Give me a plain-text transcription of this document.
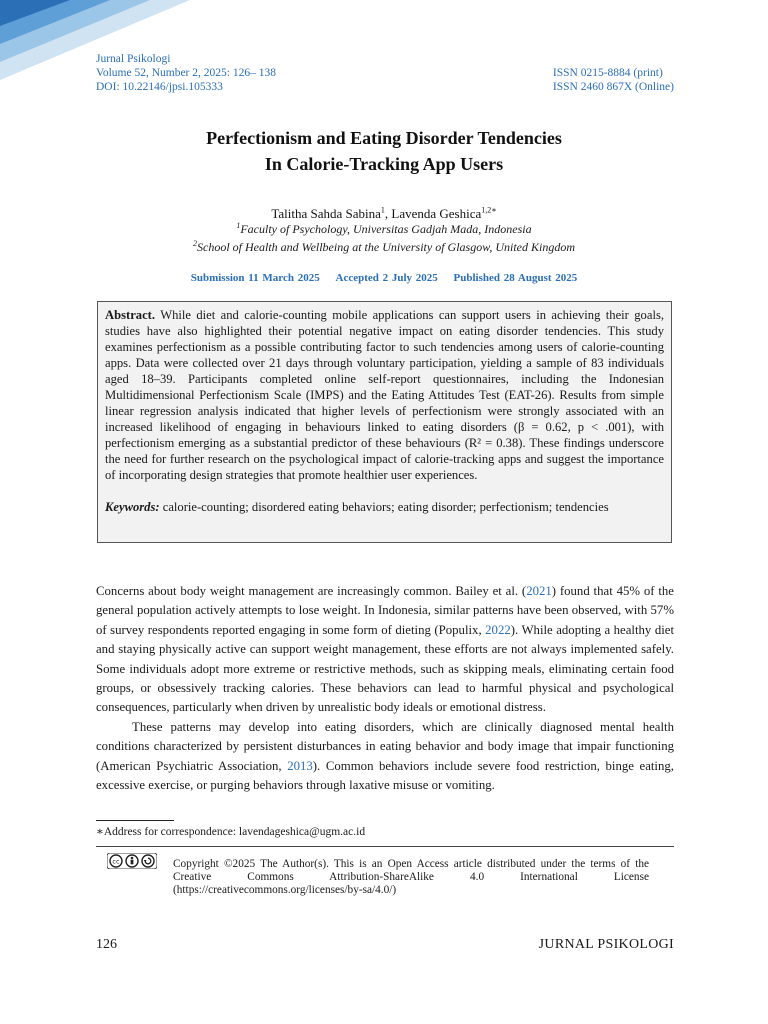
Jurnal Psikologi
Volume 52, Number 2, 2025: 126– 138
DOI: 10.22146/jpsi.105333
ISSN 0215-8884 (print)
ISSN 2460 867X (Online)
Perfectionism and Eating Disorder Tendencies
In Calorie-Tracking App Users
Talitha Sahda Sabina$^1$, Lavenda Geshica$^{1,2∗}$
$^1$Faculty of Psychology, Universitas Gadjah Mada, Indonesia
$^2$School of Health and Wellbeing at the University of Glasgow, United Kingdom
Submission 11 March 2025 Accepted 2 July 2025 Published 28 August 2025
Abstract. While diet and calorie-counting mobile applications can support users in achieving their goals, studies have also highlighted their potential negative impact on eating disorder tendencies. This study examines perfectionism as a possible contributing factor to such tendencies among users of calorie-counting apps. Data were collected over 21 days through voluntary participation, yielding a sample of 83 individuals aged 18–39. Participants completed online self-report questionnaires, including the Indonesian Multidimensional Perfectionism Scale (IMPS) and the Eating Attitudes Test (EAT-26). Results from simple linear regression analysis indicated that higher levels of perfectionism were strongly associated with an increased likelihood of engaging in behaviours linked to eating disorders (β = 0.62, p < .001), with perfectionism emerging as a substantial predictor of these behaviours (R² = 0.38). These findings underscore the need for further research on the psychological impact of calorie-tracking apps and suggest the importance of incorporating design strategies that promote healthier user experiences.
Keywords: calorie-counting; disordered eating behaviors; eating disorder; perfectionism; tendencies

Concerns about body weight management are increasingly common. Bailey et al. (2021) found that 45% of the general population actively attempts to lose weight. In Indonesia, similar patterns have been observed, with 57% of survey respondents reported engaging in some form of dieting (Populix, 2022). While adopting a healthy diet and staying physically active can support weight management, these efforts are not always implemented safely. Some individuals adopt more extreme or restrictive methods, such as skipping meals, eliminating certain food groups, or obsessively tracking calories. These behaviors can lead to harmful physical and psychological consequences, particularly when driven by unrealistic body ideals or emotional distress.

These patterns may develop into eating disorders, which are clinically diagnosed mental health conditions characterized by persistent disturbances in eating behavior and body image that impair functioning (American Psychiatric Association, 2013). Common behaviors include severe food restriction, binge eating, excessive exercise, or purging behaviors through laxative misuse or vomiting.

∗Address for correspondence: lavendageshica@ugm.ac.id
cc	Copyright ©2025 The Author(s). This is an Open Access article distributed under the terms of the Creative Commons Attribution-ShareAlike 4.0 International License (https://creativecommons.org/licenses/by-sa/4.0/)
126	JURNAL PSIKOLOGI
